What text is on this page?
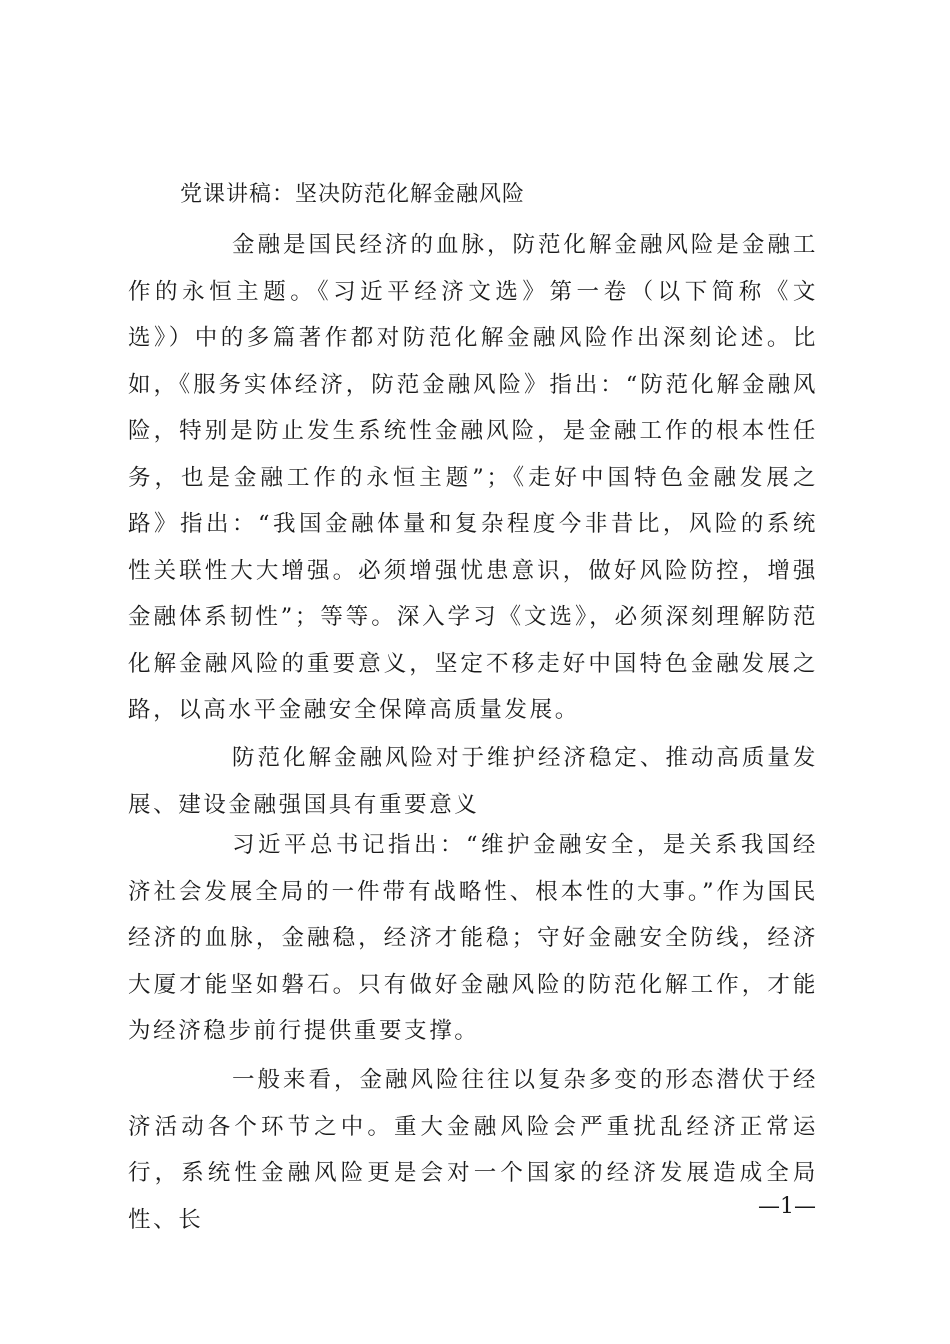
党课讲稿：坚决防范化解金融风险

金融是国民经济的血脉，防范化解金融风险是金融工作的永恒主题。《习近平经济文选》第一卷（以下简称《文选》）中的多篇著作都对防范化解金融风险作出深刻论述。比如，《服务实体经济，防范金融风险》指出：“防范化解金融风险，特别是防止发生系统性金融风险，是金融工作的根本性任务，也是金融工作的永恒主题”；《走好中国特色金融发展之路》指出：“我国金融体量和复杂程度今非昔比，风险的系统性关联性大大增强。必须增强忧患意识，做好风险防控，增强金融体系韧性”；等等。深入学习《文选》，必须深刻理解防范化解金融风险的重要意义，坚定不移走好中国特色金融发展之路，以高水平金融安全保障高质量发展。

防范化解金融风险对于维护经济稳定、推动高质量发展、建设金融强国具有重要意义

习近平总书记指出：“维护金融安全，是关系我国经济社会发展全局的一件带有战略性、根本性的大事。”作为国民经济的血脉，金融稳，经济才能稳；守好金融安全防线，经济大厦才能坚如磐石。只有做好金融风险的防范化解工作，才能为经济稳步前行提供重要支撑。

一般来看，金融风险往往以复杂多变的形态潜伏于经济活动各个环节之中。重大金融风险会严重扰乱经济正常运行，系统性金融风险更是会对一个国家的经济发展造成全局性、长	—1—
